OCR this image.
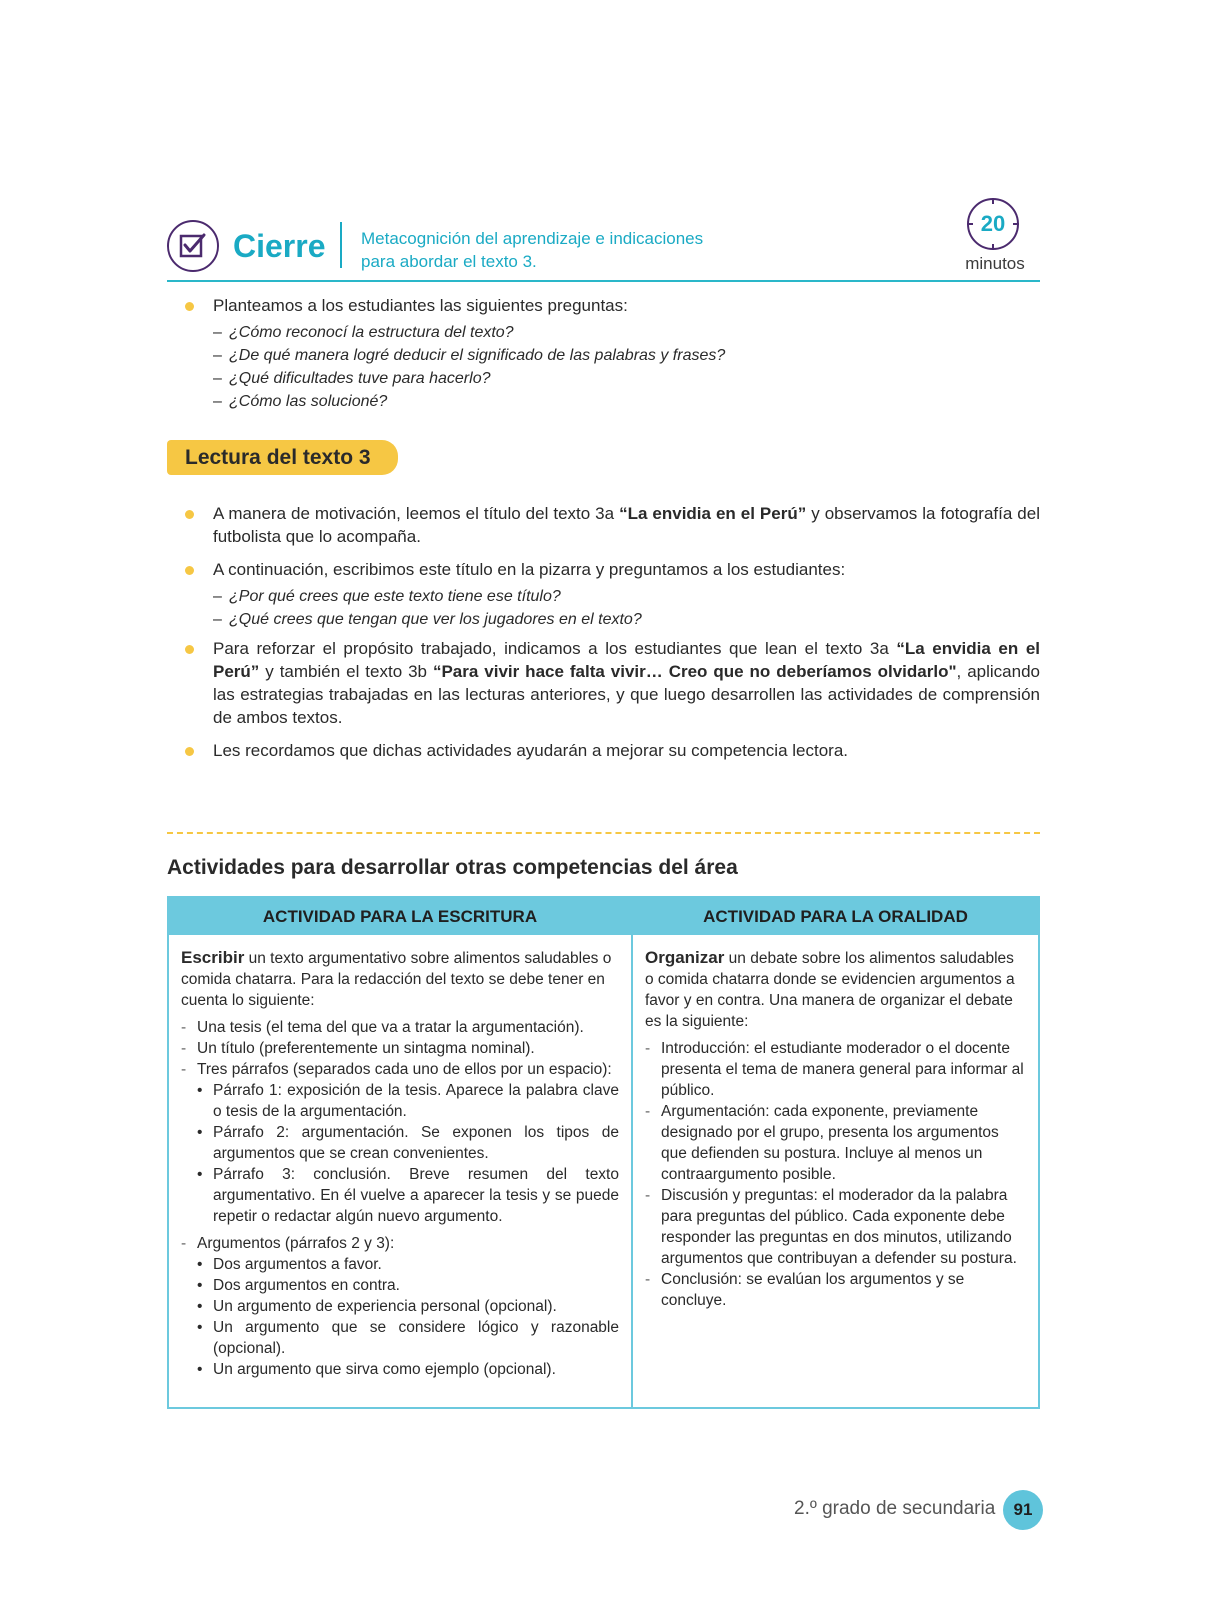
Cierre Metacognición del aprendizaje e indicaciones
para abordar el texto 3.
20
minutos
Planteamos a los estudiantes las siguientes preguntas:
– ¿Cómo reconocí la estructura del texto?
– ¿De qué manera logré deducir el significado de las palabras y frases?
– ¿Qué dificultades tuve para hacerlo?
– ¿Cómo las solucioné?
Lectura del texto 3
A manera de motivación, leemos el título del texto 3a “La envidia en el Perú” y observamos la fotografía del futbolista que lo acompaña.
A continuación, escribimos este título en la pizarra y preguntamos a los estudiantes:
– ¿Por qué crees que este texto tiene ese título?
– ¿Qué crees que tengan que ver los jugadores en el texto?
Para reforzar el propósito trabajado, indicamos a los estudiantes que lean el texto 3a “La envidia en el Perú” y también el texto 3b “Para vivir hace falta vivir… Creo que no deberíamos olvidarlo", aplicando las estrategias trabajadas en las lecturas anteriores, y que luego desarrollen las actividades de comprensión de ambos textos.
Les recordamos que dichas actividades ayudarán a mejorar su competencia lectora.
Actividades para desarrollar otras competencias del área
ACTIVIDAD PARA LA ESCRITURA
Escribir un texto argumentativo sobre alimentos saludables o comida chatarra. Para la redacción del texto se debe tener en cuenta lo siguiente:
- Una tesis (el tema del que va a tratar la argumentación).
- Un título (preferentemente un sintagma nominal).
- Tres párrafos (separados cada uno de ellos por un espacio):
• Párrafo 1: exposición de la tesis. Aparece la palabra clave o tesis de la argumentación.
• Párrafo 2: argumentación. Se exponen los tipos de argumentos que se crean convenientes.
• Párrafo 3: conclusión. Breve resumen del texto argumentativo. En él vuelve a aparecer la tesis y se puede repetir o redactar algún nuevo argumento.
- Argumentos (párrafos 2 y 3):
• Dos argumentos a favor.
• Dos argumentos en contra.
• Un argumento de experiencia personal (opcional).
• Un argumento que se considere lógico y razonable (opcional).
• Un argumento que sirva como ejemplo (opcional).
ACTIVIDAD PARA LA ORALIDAD
Organizar un debate sobre los alimentos saludables o comida chatarra donde se evidencien argumentos a favor y en contra. Una manera de organizar el debate es la siguiente:
- Introducción: el estudiante moderador o el docente presenta el tema de manera general para informar al público.
- Argumentación: cada exponente, previamente designado por el grupo, presenta los argumentos que defienden su postura. Incluye al menos un contraargumento posible.
- Discusión y preguntas: el moderador da la palabra para preguntas del público. Cada exponente debe responder las preguntas en dos minutos, utilizando argumentos que contribuyan a defender su postura.
- Conclusión: se evalúan los argumentos y se concluye.
2.º grado de secundaria	91
